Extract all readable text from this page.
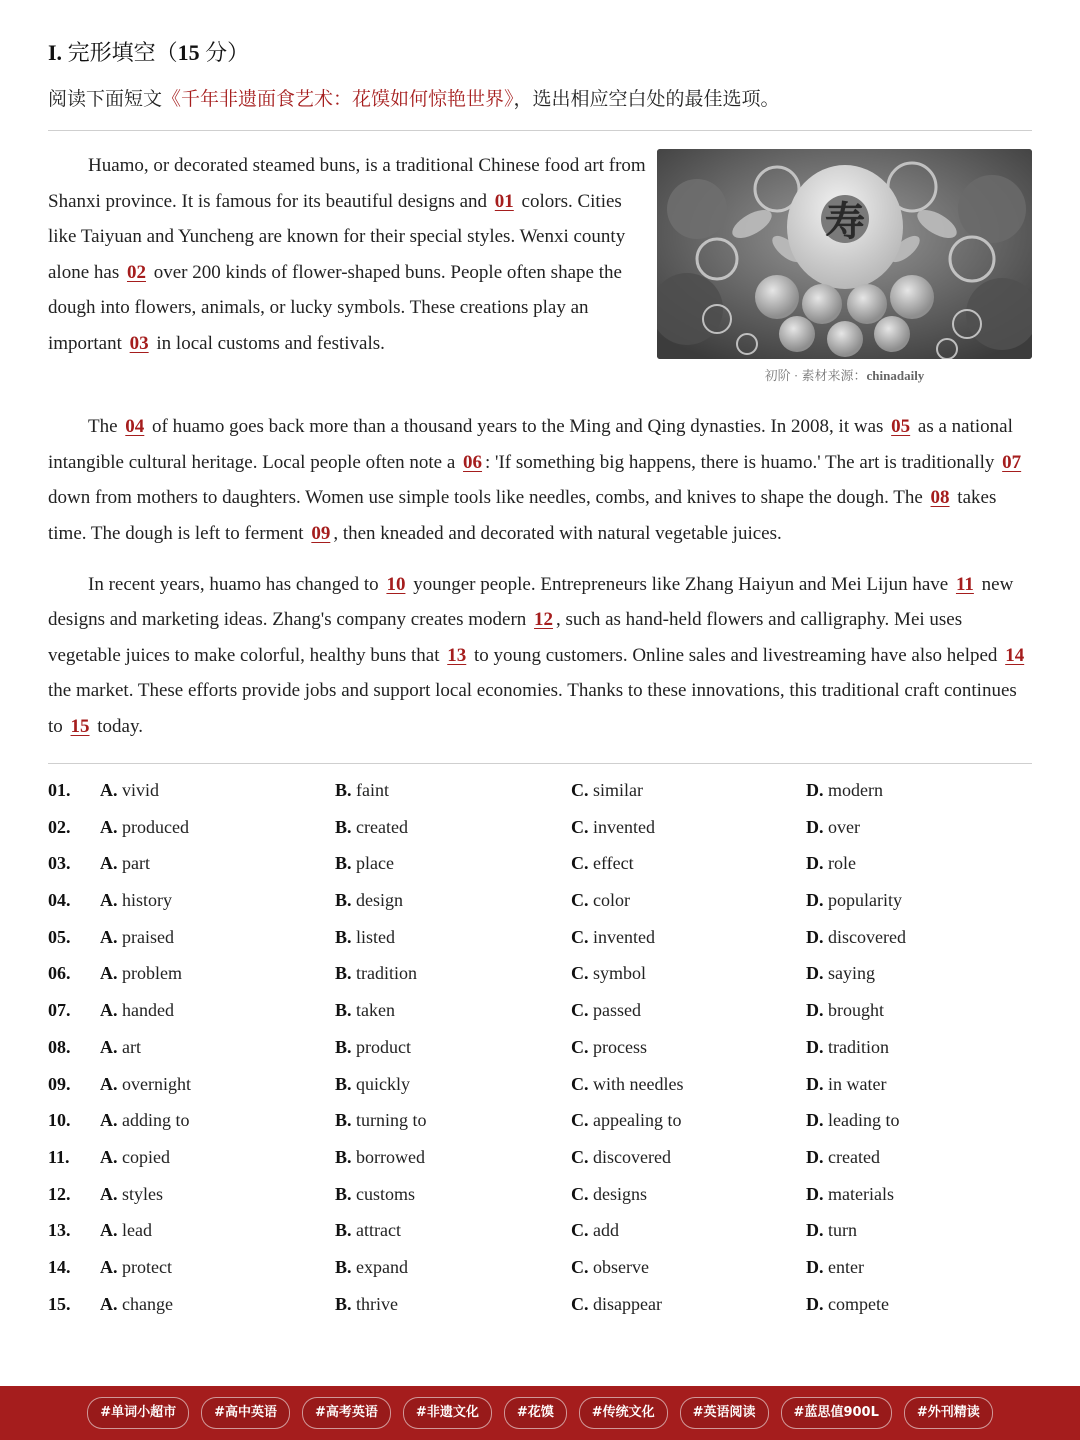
I. 完形填空（15 分）
阅读下面短文《千年非遗面食艺术：花馍如何惊艳世界》，选出相应空白处的最佳选项。

Huamo, or decorated steamed buns, is a traditional Chinese food art from Shanxi province. It is famous for its beautiful designs and 01 colors. Cities like Taiyuan and Yuncheng are known for their special styles. Wenxi county alone has 02 over 200 kinds of flower-shaped buns. People often shape the dough into flowers, animals, or lucky symbols. These creations play an important 03 in local customs and festivals.

寿
初阶 · 素材来源：chinadaily

The 04 of huamo goes back more than a thousand years to the Ming and Qing dynasties. In 2008, it was 05 as a national intangible cultural heritage. Local people often note a 06 : 'If something big happens, there is huamo.' The art is traditionally 07 down from mothers to daughters. Women use simple tools like needles, combs, and knives to shape the dough. The 08 takes time. The dough is left to ferment 09 , then kneaded and decorated with natural vegetable juices.

In recent years, huamo has changed to 10 younger people. Entrepreneurs like Zhang Haiyun and Mei Lijun have 11 new designs and marketing ideas. Zhang's company creates modern 12 , such as hand-held flowers and calligraphy. Mei uses vegetable juices to make colorful, healthy buns that 13 to young customers. Online sales and livestreaming have also helped 14 the market. These efforts provide jobs and support local economies. Thanks to these innovations, this traditional craft continues to 15 today.

01. A. vivid	B. faint	C. similar	D. modern
02. A. produced	B. created	C. invented	D. over
03. A. part	B. place	C. effect	D. role
04. A. history	B. design	C. color	D. popularity
05. A. praised	B. listed	C. invented	D. discovered
06. A. problem	B. tradition	C. symbol	D. saying
07. A. handed	B. taken	C. passed	D. brought
08. A. art	B. product	C. process	D. tradition
09. A. overnight	B. quickly	C. with needles	D. in water
10. A. adding to	B. turning to	C. appealing to	D. leading to
11. A. copied	B. borrowed	C. discovered	D. created
12. A. styles	B. customs	C. designs	D. materials
13. A. lead	B. attract	C. add	D. turn
14. A. protect	B. expand	C. observe	D. enter
15. A. change	B. thrive	C. disappear	D. compete
#单词小超市	#高中英语	#高考英语	#非遗文化	#花馍	#传统文化	#英语阅读	#蓝思值900L	#外刊精读
